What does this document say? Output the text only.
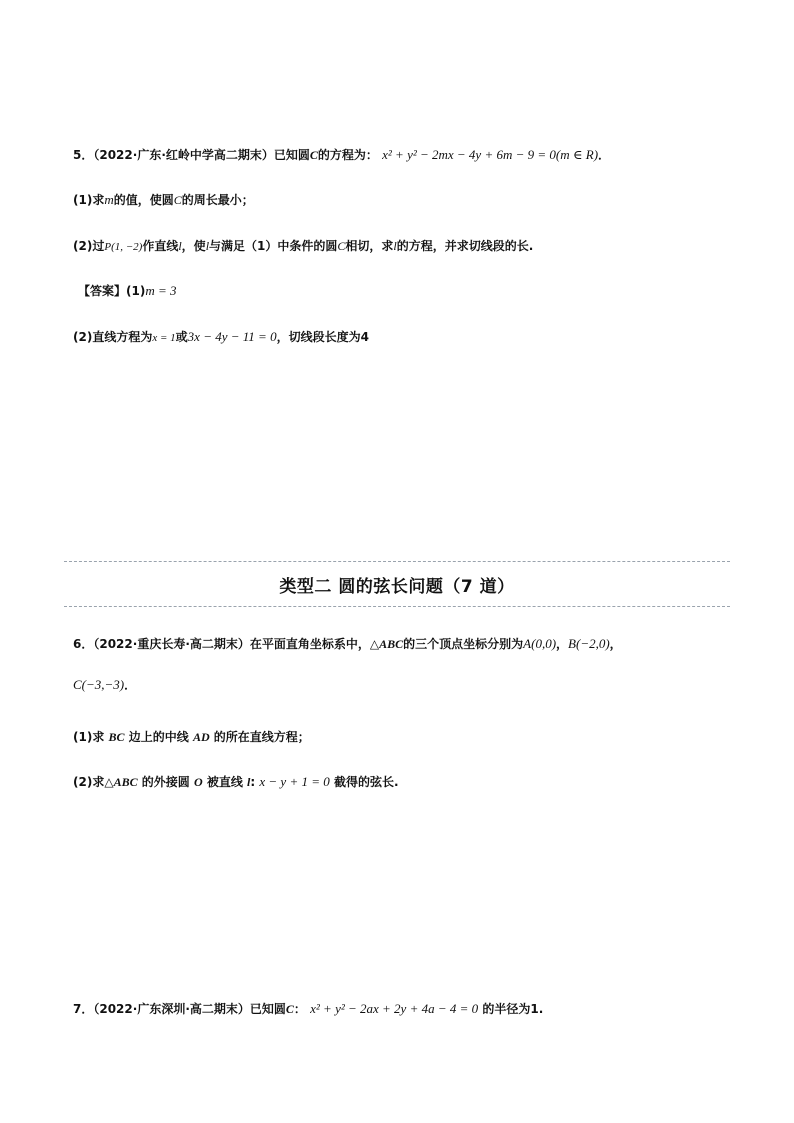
5．（2022·广东·红岭中学高二期末）已知圆C的方程为： x² + y² − 2mx − 4y + 6m − 9 = 0(m ∈ R)．
(1)求m的值，使圆C的周长最小；
(2)过P(1, −2)作直线l，使l与满足（1）中条件的圆C相切，求l的方程，并求切线段的长.
【答案】(1)m = 3
(2)直线方程为x = 1或3x − 4y − 11 = 0，切线段长度为4
类型二 圆的弦长问题（7 道）
6．（2022·重庆长寿·高二期末）在平面直角坐标系中，△ABC的三个顶点坐标分别为A(0,0)，B(−2,0)，
C(−3,−3)．
(1)求 BC 边上的中线 AD 的所在直线方程；
(2)求△ABC 的外接圆 O 被直线 l: x − y + 1 = 0 截得的弦长.
7．（2022·广东深圳·高二期末）已知圆C： x² + y² − 2ax + 2y + 4a − 4 = 0 的半径为1.
